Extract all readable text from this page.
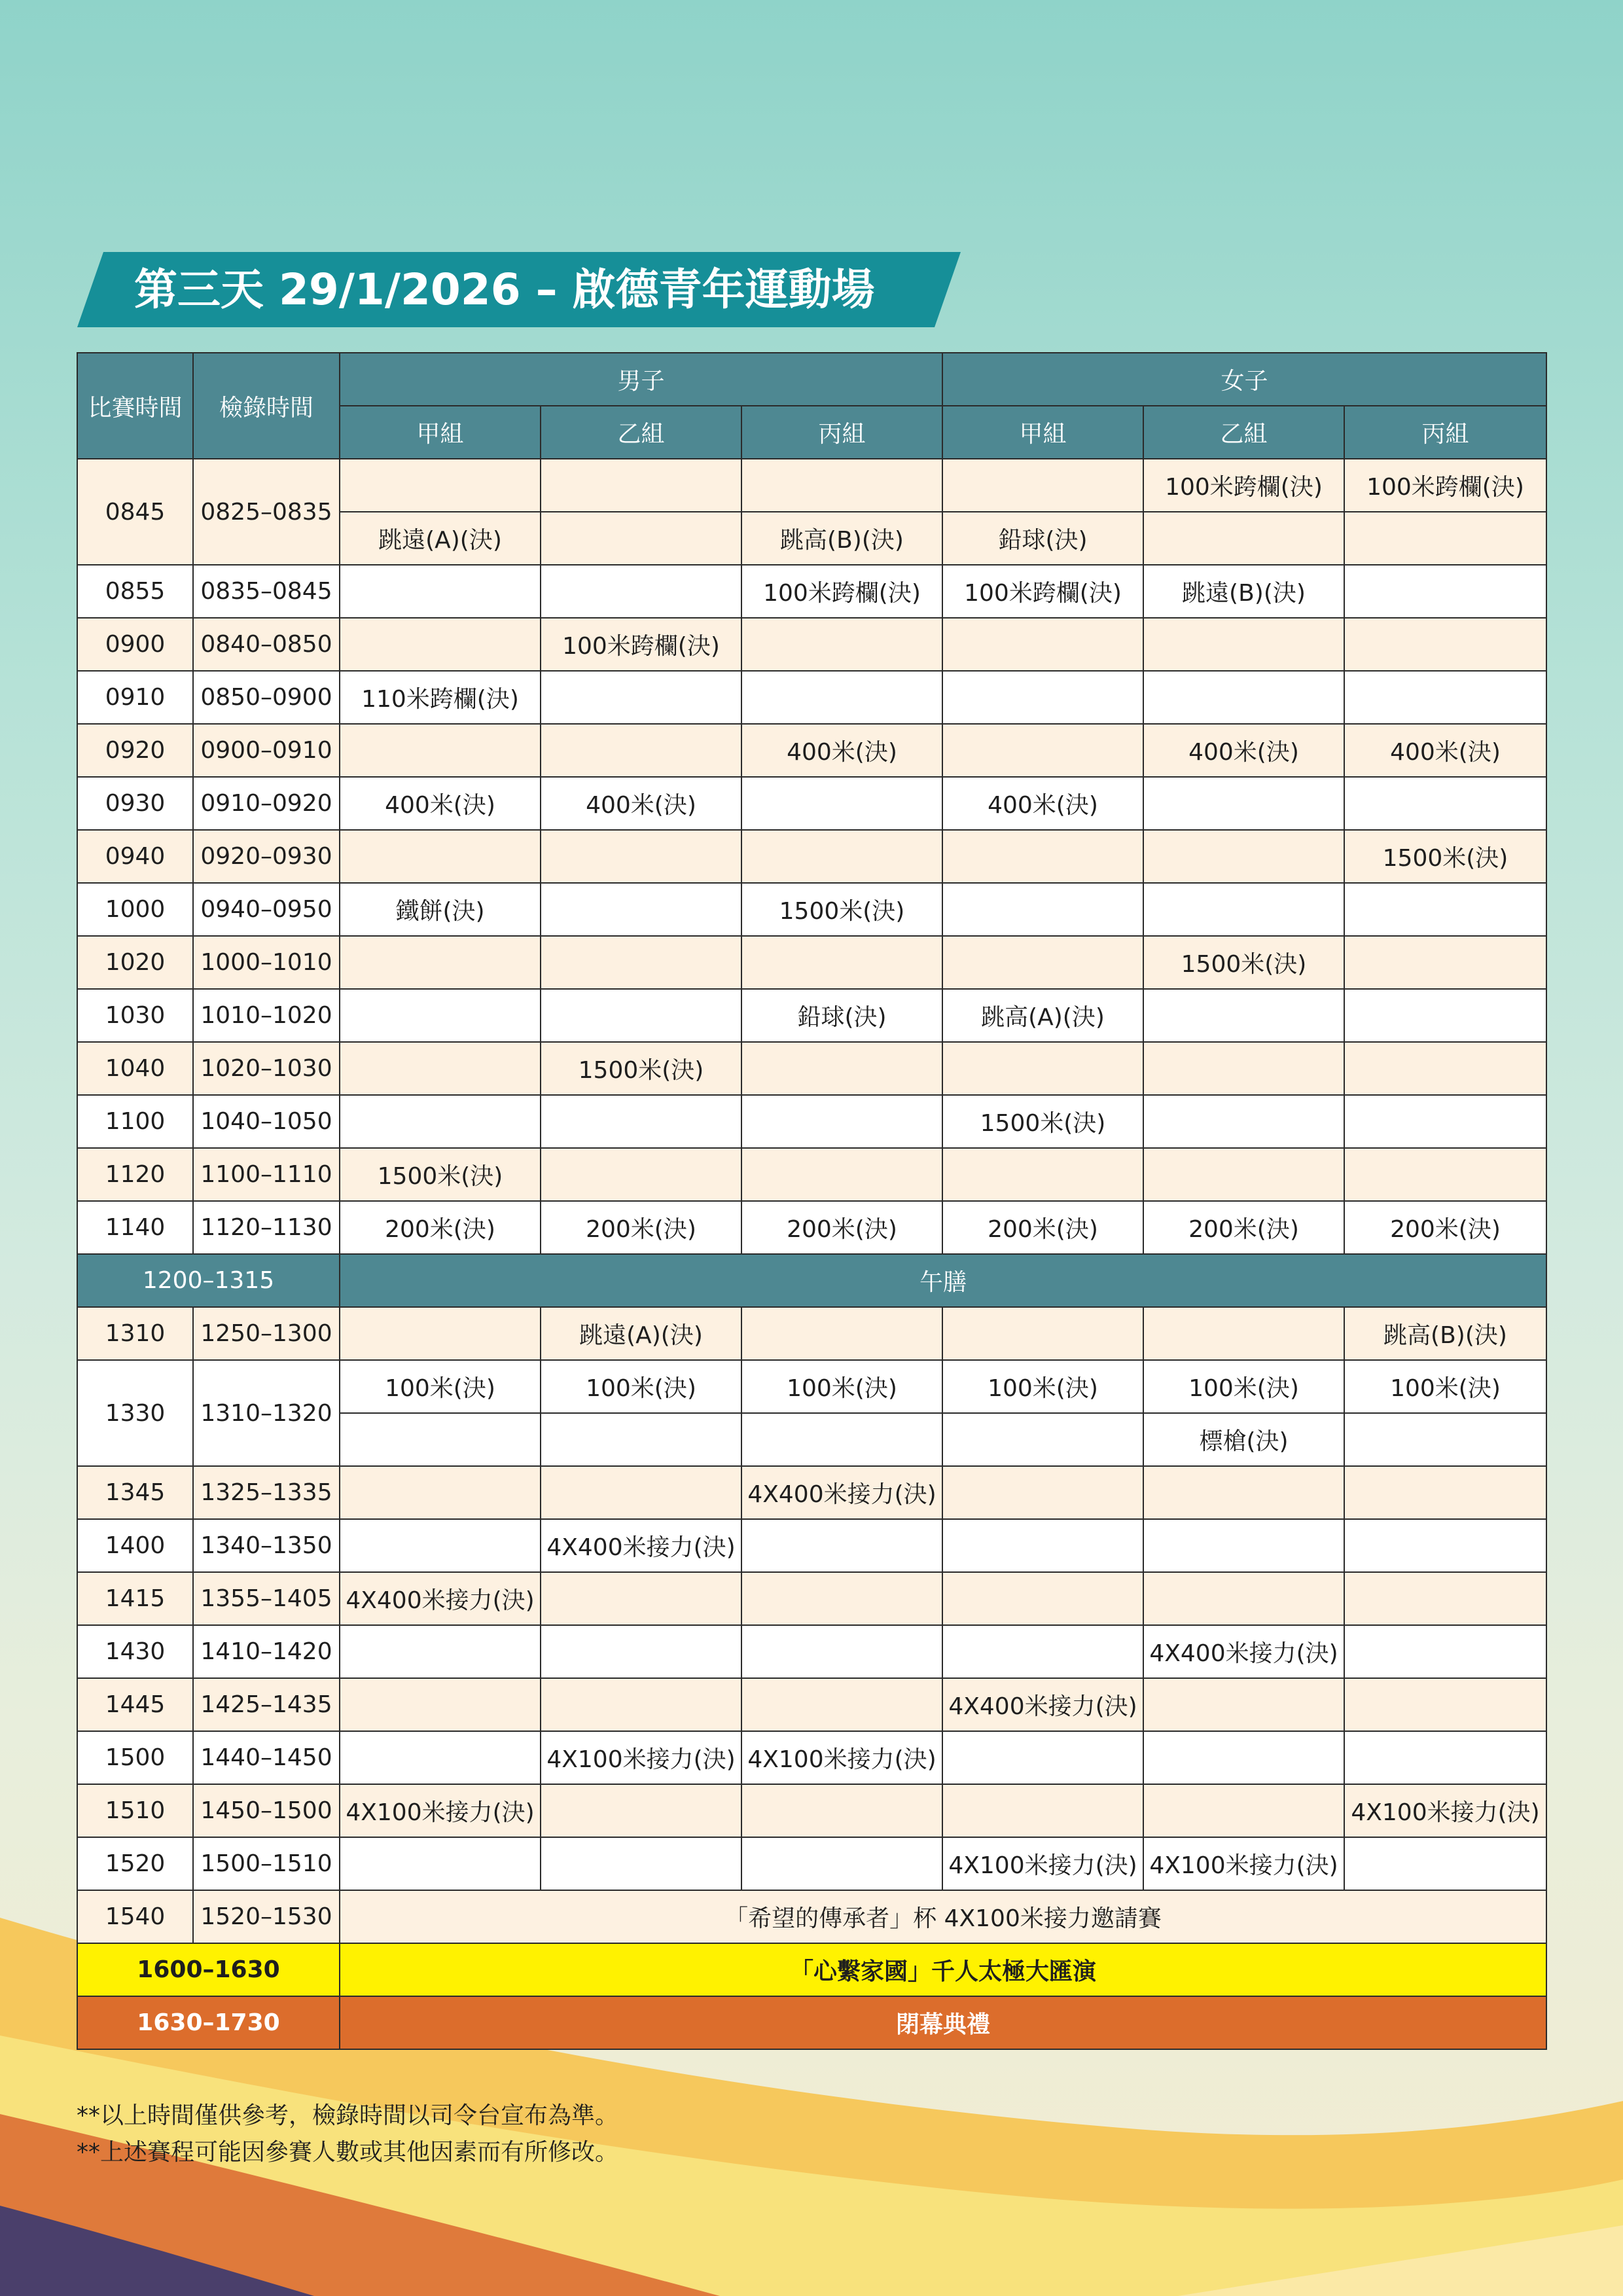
第三天 29/1/2026 – 啟德青年運動場
比賽時間	檢錄時間	男子			女子		
		甲組	乙組	丙組	甲組	乙組	丙組
0845	0825–0835					100米跨欄(決)	100米跨欄(決)
		跳遠(A)(決)		跳高(B)(決)	鉛球(決)		
0855	0835–0845			100米跨欄(決)	100米跨欄(決)	跳遠(B)(決)	
0900	0840–0850		100米跨欄(決)				
0910	0850–0900	110米跨欄(決)					
0920	0900–0910			400米(決)		400米(決)	400米(決)
0930	0910–0920	400米(決)	400米(決)		400米(決)		
0940	0920–0930						1500米(決)
1000	0940–0950	鐵餅(決)		1500米(決)			
1020	1000–1010					1500米(決)	
1030	1010–1020			鉛球(決)	跳高(A)(決)		
1040	1020–1030		1500米(決)				
1100	1040–1050				1500米(決)		
1120	1100–1110	1500米(決)					
1140	1120–1130	200米(決)	200米(決)	200米(決)	200米(決)	200米(決)	200米(決)
1200–1315		午膳					
1310	1250–1300		跳遠(A)(決)				跳高(B)(決)
1330	1310–1320	100米(決)	100米(決)	100米(決)	100米(決)	100米(決)	100米(決)
						標槍(決)	
1345	1325–1335			4X400米接力(決)			
1400	1340–1350		4X400米接力(決)				
1415	1355–1405	4X400米接力(決)					
1430	1410–1420					4X400米接力(決)	
1445	1425–1435				4X400米接力(決)		
1500	1440–1450		4X100米接力(決)	4X100米接力(決)			
1510	1450–1500	4X100米接力(決)					4X100米接力(決)
1520	1500–1510				4X100米接力(決)	4X100米接力(決)	
1540	1520–1530	「希望的傳承者」杯 4X100米接力邀請賽					
1600–1630		「心繫家國」千人太極大匯演					
1630–1730		閉幕典禮					
**以上時間僅供參考，檢錄時間以司令台宣布為準。
**上述賽程可能因參賽人數或其他因素而有所修改。
